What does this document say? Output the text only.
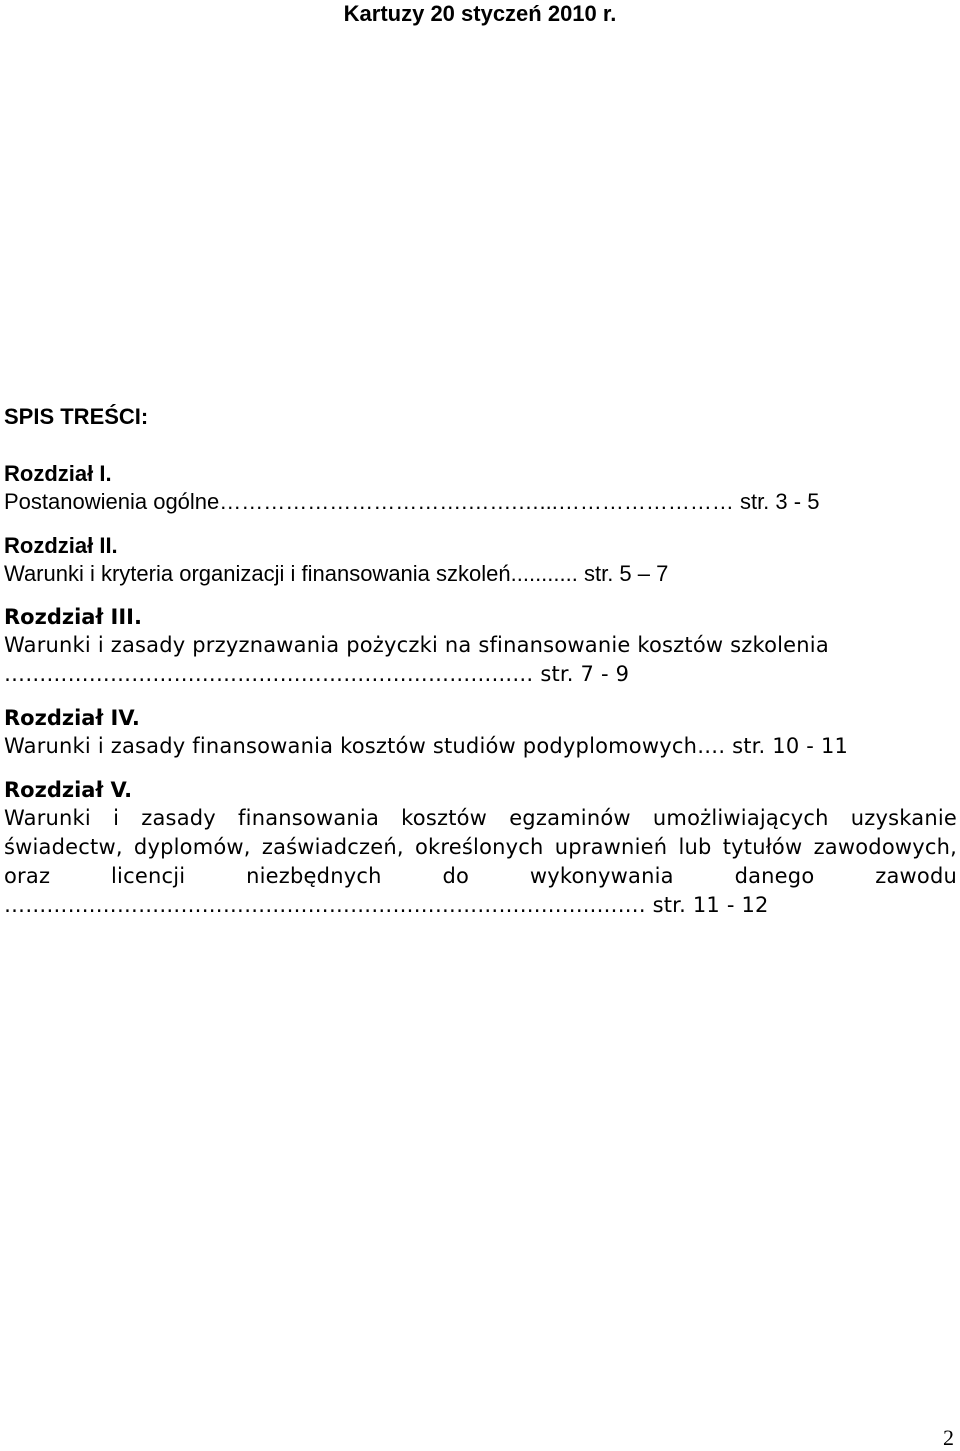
Kartuzy 20 styczeń 2010 r.
SPIS TREŚCI:
Rozdział I.
Postanowienia ogólne…………………………….…….…...…………………… str. 3 - 5
Rozdział II.
Warunki i kryteria organizacji i finansowania szkoleń........... str. 5 – 7
Rozdział III.
Warunki i zasady przyznawania pożyczki na sfinansowanie kosztów szkolenia
……………………………………………………………...… str. 7 - 9
Rozdział IV.
Warunki i zasady finansowania kosztów studiów podyplomowych…. str. 10 - 11
Rozdział V.
Warunki i zasady finansowania kosztów egzaminów umożliwiających uzyskanie świadectw, dyplomów, zaświadczeń, określonych uprawnień lub tytułów zawodowych, oraz licencji niezbędnych do wykonywania danego zawodu ………….………………………………………………………..…...……. str. 11 - 12
2
